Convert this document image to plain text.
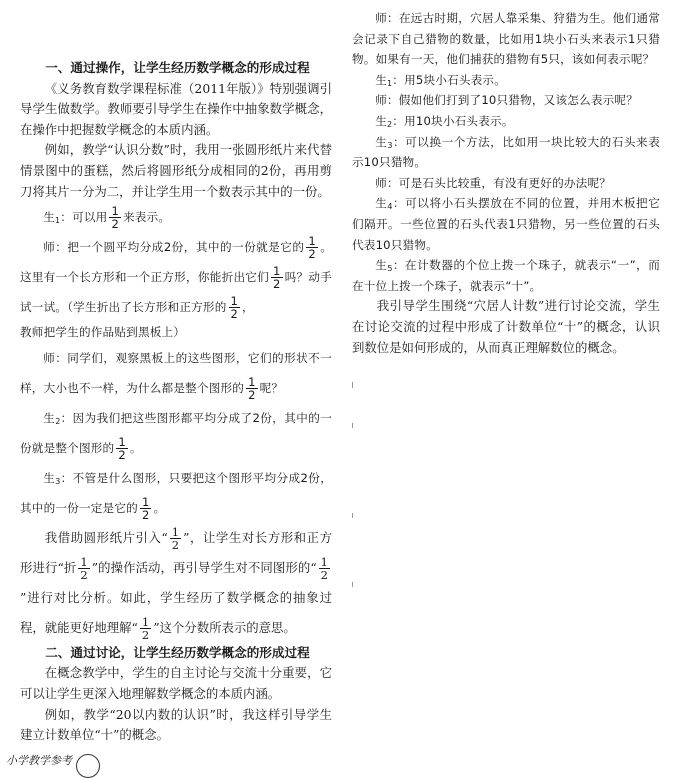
一、通过操作，让学生经历数学概念的形成过程

《义务教育数学课程标准（2011年版）》特别强调引导学生做数学。教师要引导学生在操作中抽象数学概念，在操作中把握数学概念的本质内涵。

例如，教学“认识分数”时，我用一张圆形纸片来代替情景图中的蛋糕，然后将圆形纸分成相同的2份，再用剪刀将其片一分为二，并让学生用一个数表示其中的一份。

生$_1$：可以用 $\frac{1}{2}$ 来表示。

师：把一个圆平均分成2份，其中的一份就是它的 $\frac{1}{2}$ 。这里有一个长方形和一个正方形，你能折出它们 $\frac{1}{2}$ 吗？动手试一试。（学生折出了长方形和正方形的 $\frac{1}{2}$ ，

教师把学生的作品贴到黑板上）

师：同学们，观察黑板上的这些图形，它们的形状不一样，大小也不一样，为什么都是整个图形的 $\frac{1}{2}$ 呢？

生$_2$：因为我们把这些图形都平均分成了2份，其中的一份就是整个图形的 $\frac{1}{2}$ 。

生$_3$：不管是什么图形，只要把这个图形平均分成2份，其中的一份一定是它的 $\frac{1}{2}$ 。

我借助圆形纸片引入“ $\frac{1}{2}$ ”，让学生对长方形和正方形进行“折 $\frac{1}{2}$ ”的操作活动，再引导学生对不同图形的“ $\frac{1}{2}$
”进行对比分析。如此，学生经历了数学概念的抽象过程，就能更好地理解“ $\frac{1}{2}$ ”这个分数所表示的意思。

二、通过讨论，让学生经历数学概念的形成过程

在概念教学中，学生的自主讨论与交流十分重要，它可以让学生更深入地理解数学概念的本质内涵。

例如，教学“20以内数的认识”时，我这样引导学生建立计数单位“十”的概念。

师：在远古时期，穴居人靠采集、狩猎为生。他们通常会记录下自己猎物的数量，比如用1块小石头来表示1只猎物。如果有一天，他们捕获的猎物有5只，该如何表示呢？

生$_1$：用5块小石头表示。

师：假如他们打到了10只猎物，又该怎么表示呢？

生$_2$：用10块小石头表示。

生$_3$：可以换一个方法，比如用一块比较大的石头来表示10只猎物。

师：可是石头比较重，有没有更好的办法呢？

生$_4$：可以将小石头摆放在不同的位置，并用木板把它们隔开。一些位置的石头代表1只猎物，另一些位置的石头代表10只猎物。

生$_5$：在计数器的个位上拨一个珠子，就表示“一”，而在十位上拨一个珠子，就表示“十”。

我引导学生围绕“穴居人计数”进行讨论交流，学生在讨论交流的过程中形成了计数单位“十”的概念，认识到数位是如何形成的，从而真正理解数位的概念。

小学教学参考
